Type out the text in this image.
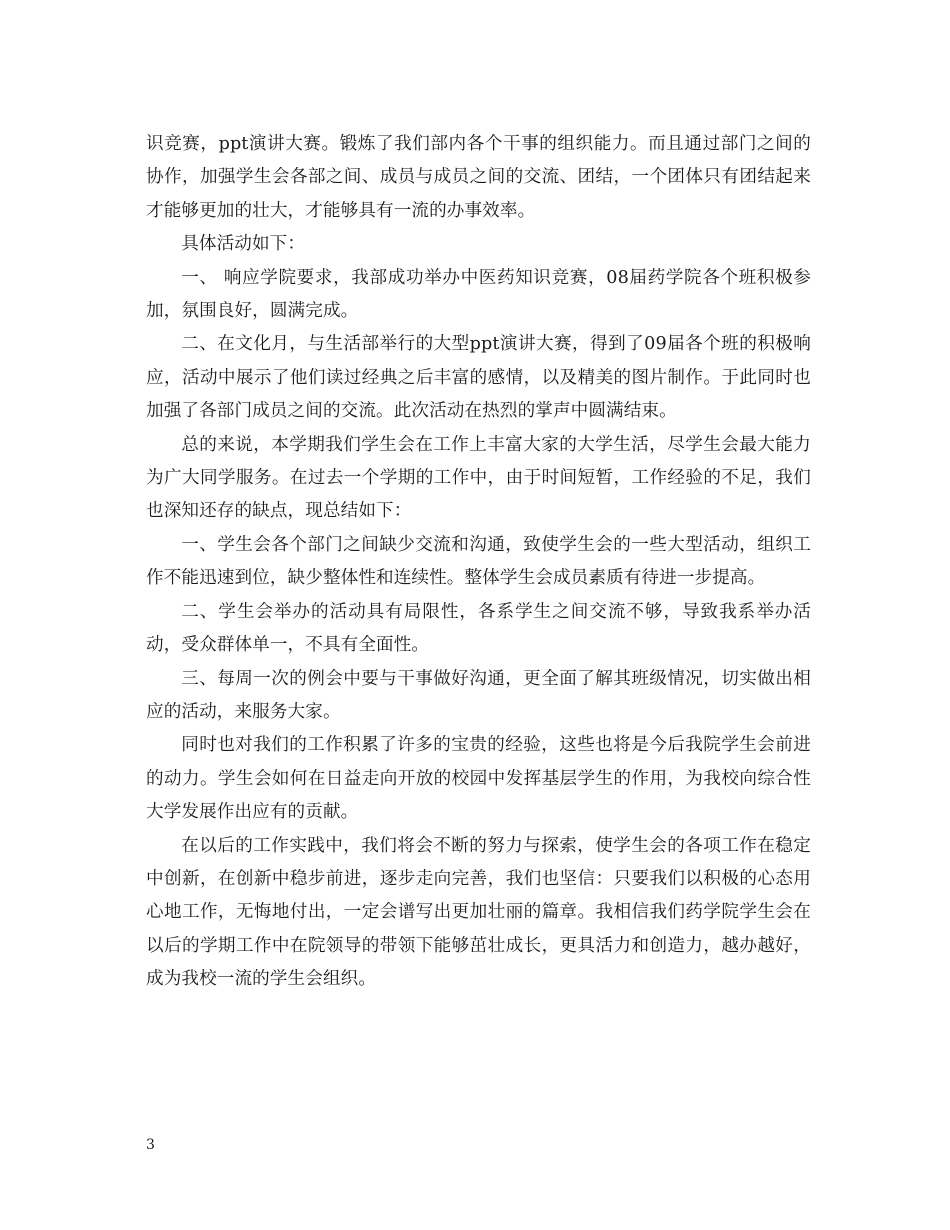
识竞赛，ppt演讲大赛。锻炼了我们部内各个干事的组织能力。而且通过部门之间的协作，加强学生会各部之间、成员与成员之间的交流、团结，一个团体只有团结起来才能够更加的壮大，才能够具有一流的办事效率。

具体活动如下：

一、 响应学院要求，我部成功举办中医药知识竞赛，08届药学院各个班积极参加，氛围良好，圆满完成。

二、在文化月，与生活部举行的大型ppt演讲大赛，得到了09届各个班的积极响应，活动中展示了他们读过经典之后丰富的感情，以及精美的图片制作。于此同时也加强了各部门成员之间的交流。此次活动在热烈的掌声中圆满结束。

总的来说，本学期我们学生会在工作上丰富大家的大学生活，尽学生会最大能力为广大同学服务。在过去一个学期的工作中，由于时间短暂，工作经验的不足，我们也深知还存的缺点，现总结如下：

一、学生会各个部门之间缺少交流和沟通，致使学生会的一些大型活动，组织工作不能迅速到位，缺少整体性和连续性。整体学生会成员素质有待进一步提高。

二、学生会举办的活动具有局限性，各系学生之间交流不够，导致我系举办活动，受众群体单一，不具有全面性。

三、每周一次的例会中要与干事做好沟通，更全面了解其班级情况，切实做出相应的活动，来服务大家。

同时也对我们的工作积累了许多的宝贵的经验，这些也将是今后我院学生会前进的动力。学生会如何在日益走向开放的校园中发挥基层学生的作用，为我校向综合性大学发展作出应有的贡献。

在以后的工作实践中，我们将会不断的努力与探索，使学生会的各项工作在稳定中创新，在创新中稳步前进，逐步走向完善，我们也坚信：只要我们以积极的心态用心地工作，无悔地付出，一定会谱写出更加壮丽的篇章。我相信我们药学院学生会在以后的学期工作中在院领导的带领下能够茁壮成长，更具活力和创造力，越办越好，成为我校一流的学生会组织。

3
